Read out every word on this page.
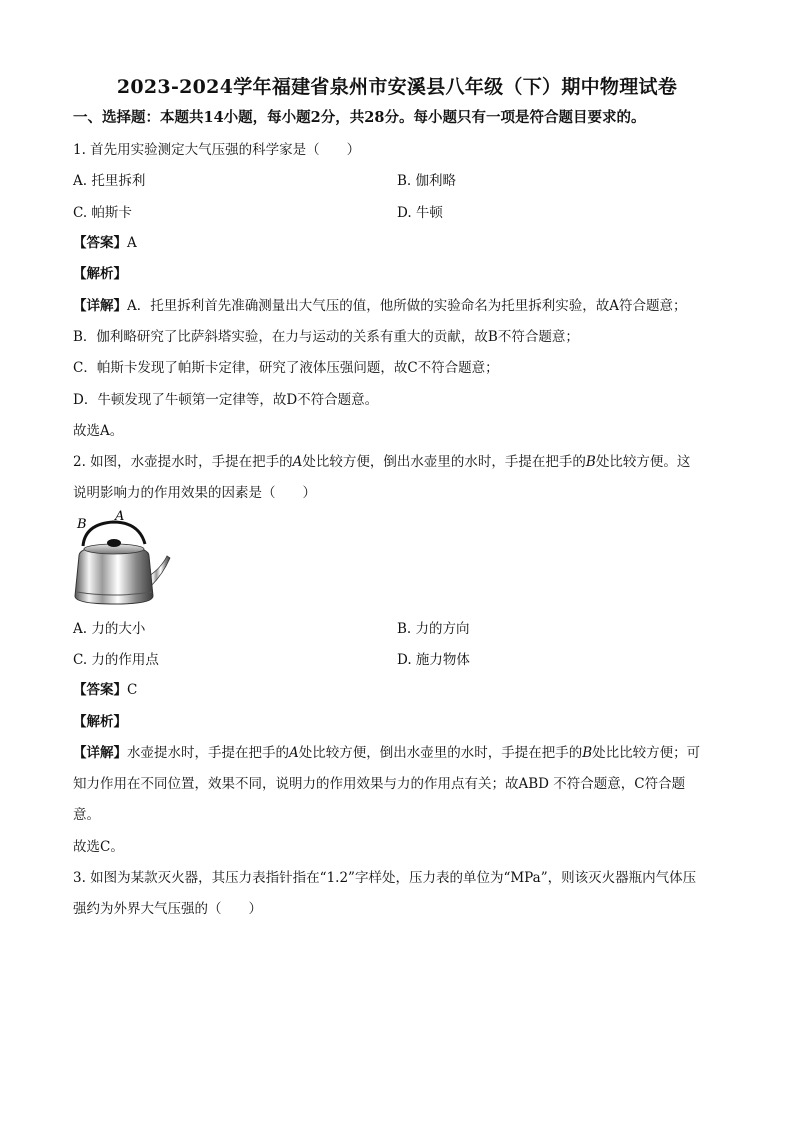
2023-2024学年福建省泉州市安溪县八年级（下）期中物理试卷
一、选择题：本题共14小题，每小题2分，共28分。每小题只有一项是符合题目要求的。
1. 首先用实验测定大气压强的科学家是（　　）
A. 托里拆利	B. 伽利略
C. 帕斯卡	D. 牛顿
【答案】A
【解析】
【详解】A．托里拆利首先准确测量出大气压的值，他所做的实验命名为托里拆利实验，故A符合题意；
B．伽利略研究了比萨斜塔实验，在力与运动的关系有重大的贡献，故B不符合题意；
C．帕斯卡发现了帕斯卡定律，研究了液体压强问题，故C不符合题意；
D．牛顿发现了牛顿第一定律等，故D不符合题意。
故选A。
2. 如图，水壶提水时，手提在把手的A处比较方便，倒出水壶里的水时，手提在把手的B处比较方便。这
说明影响力的作用效果的因素是（　　）
B
A
A. 力的大小	B. 力的方向
C. 力的作用点	D. 施力物体
【答案】C
【解析】
【详解】水壶提水时，手提在把手的A处比较方便，倒出水壶里的水时，手提在把手的B处比比较方便；可
知力作用在不同位置，效果不同，说明力的作用效果与力的作用点有关；故ABD 不符合题意，C符合题
意。
故选C。
3. 如图为某款灭火器，其压力表指针指在“1.2”字样处，压力表的单位为“MPa”，则该灭火器瓶内气体压
强约为外界大气压强的（　　）
